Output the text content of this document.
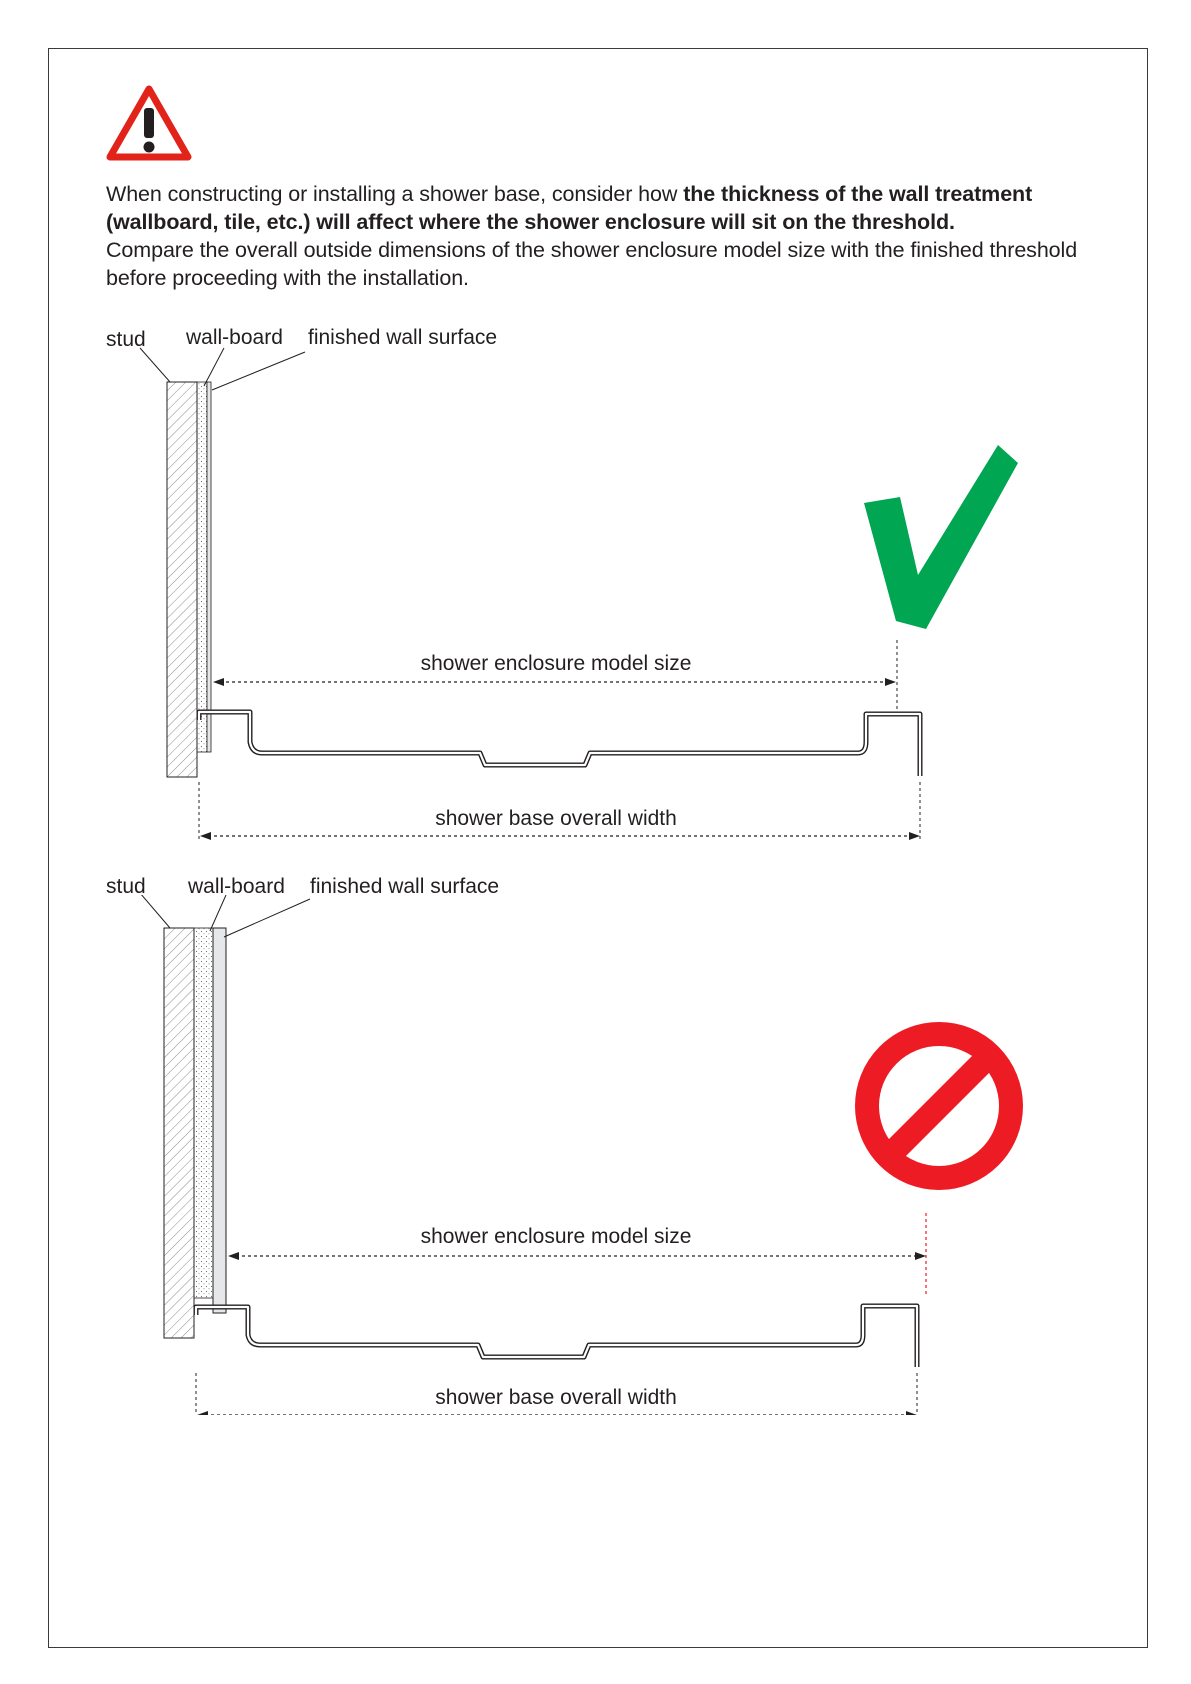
When constructing or installing a shower base, consider how the thickness of the wall treatment (wallboard, tile, etc.) will affect where the shower enclosure will sit on the threshold.

Compare the overall outside dimensions of the shower enclosure model size with the finished threshold before proceeding with the installation.

stud wall-board finished wall surface
shower enclosure model size
shower base overall width
stud wall-board finished wall surface
shower enclosure model size
shower base overall width
